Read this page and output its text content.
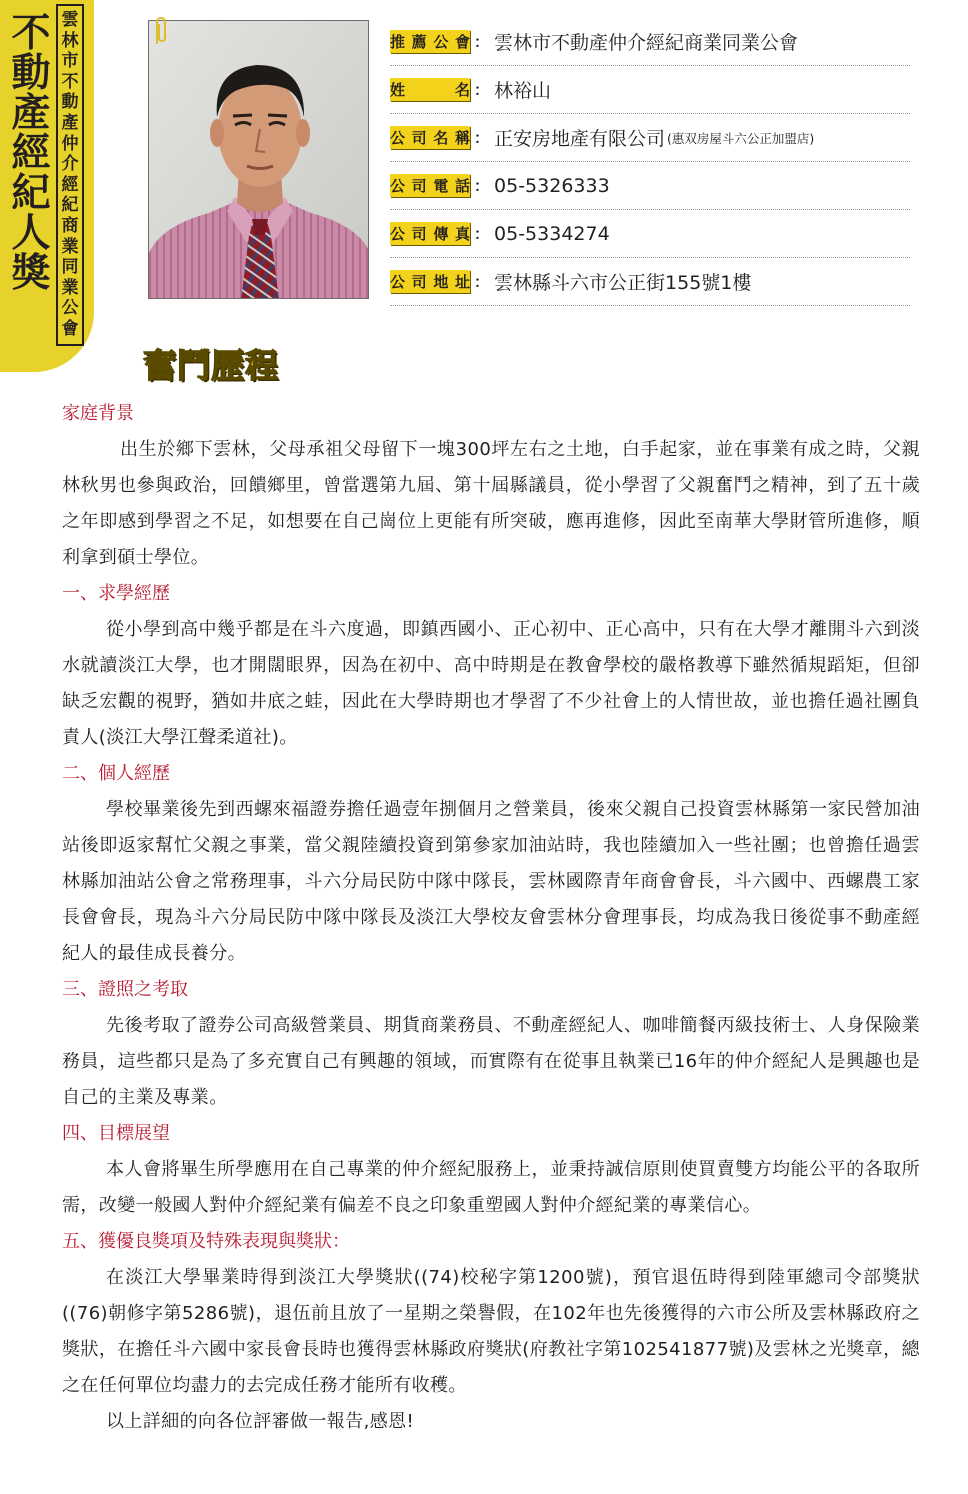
不動產經紀人獎
雲林市不動產仲介經紀商業同業公會
推薦公會 ： 雲林市不動產仲介經紀商業同業公會
姓名 ： 林裕山
公司名稱 ： 正安房地產有限公司 (惠双房屋斗六公正加盟店)
公司電話 ： 05-5326333
公司傳真 ： 05-5334274
公司地址 ： 雲林縣斗六市公正街155號1樓
奮鬥歷程
家庭背景
出生於鄉下雲林，父母承祖父母留下一塊300坪左右之土地，白手起家，並在事業有成之時，父親林秋男也參與政治，回饋鄉里，曾當選第九屆、第十屆縣議員，從小學習了父親奮鬥之精神，到了五十歲之年即感到學習之不足，如想要在自己崗位上更能有所突破，應再進修，因此至南華大學財管所進修，順利拿到碩士學位。
一、求學經歷
從小學到高中幾乎都是在斗六度過，即鎮西國小、正心初中、正心高中，只有在大學才離開斗六到淡水就讀淡江大學，也才開闊眼界，因為在初中、高中時期是在教會學校的嚴格教導下雖然循規蹈矩，但卻缺乏宏觀的視野，猶如井底之蛙，因此在大學時期也才學習了不少社會上的人情世故，並也擔任過社團負責人(淡江大學江聲柔道社)。
二、個人經歷
學校畢業後先到西螺來福證券擔任過壹年捌個月之營業員，後來父親自己投資雲林縣第一家民營加油站後即返家幫忙父親之事業，當父親陸續投資到第參家加油站時，我也陸續加入一些社團；也曾擔任過雲林縣加油站公會之常務理事，斗六分局民防中隊中隊長，雲林國際青年商會會長，斗六國中、西螺農工家長會會長，現為斗六分局民防中隊中隊長及淡江大學校友會雲林分會理事長，均成為我日後從事不動產經紀人的最佳成長養分。
三、證照之考取
先後考取了證券公司高級營業員、期貨商業務員、不動產經紀人、咖啡簡餐丙級技術士、人身保險業務員，這些都只是為了多充實自己有興趣的領域，而實際有在從事且執業已16年的仲介經紀人是興趣也是自己的主業及專業。
四、目標展望
本人會將畢生所學應用在自己專業的仲介經紀服務上，並秉持誠信原則使買賣雙方均能公平的各取所需，改變一般國人對仲介經紀業有偏差不良之印象重塑國人對仲介經紀業的專業信心。
五、獲優良獎項及特殊表現與獎狀：
在淡江大學畢業時得到淡江大學獎狀((74)校秘字第1200號)，預官退伍時得到陸軍總司令部獎狀((76)朝修字第5286號)，退伍前且放了一星期之榮譽假，在102年也先後獲得的六市公所及雲林縣政府之獎狀，在擔任斗六國中家長會長時也獲得雲林縣政府獎狀(府教社字第102541877號)及雲林之光獎章，總之在任何單位均盡力的去完成任務才能所有收穫。
以上詳細的向各位評審做一報告,感恩!
